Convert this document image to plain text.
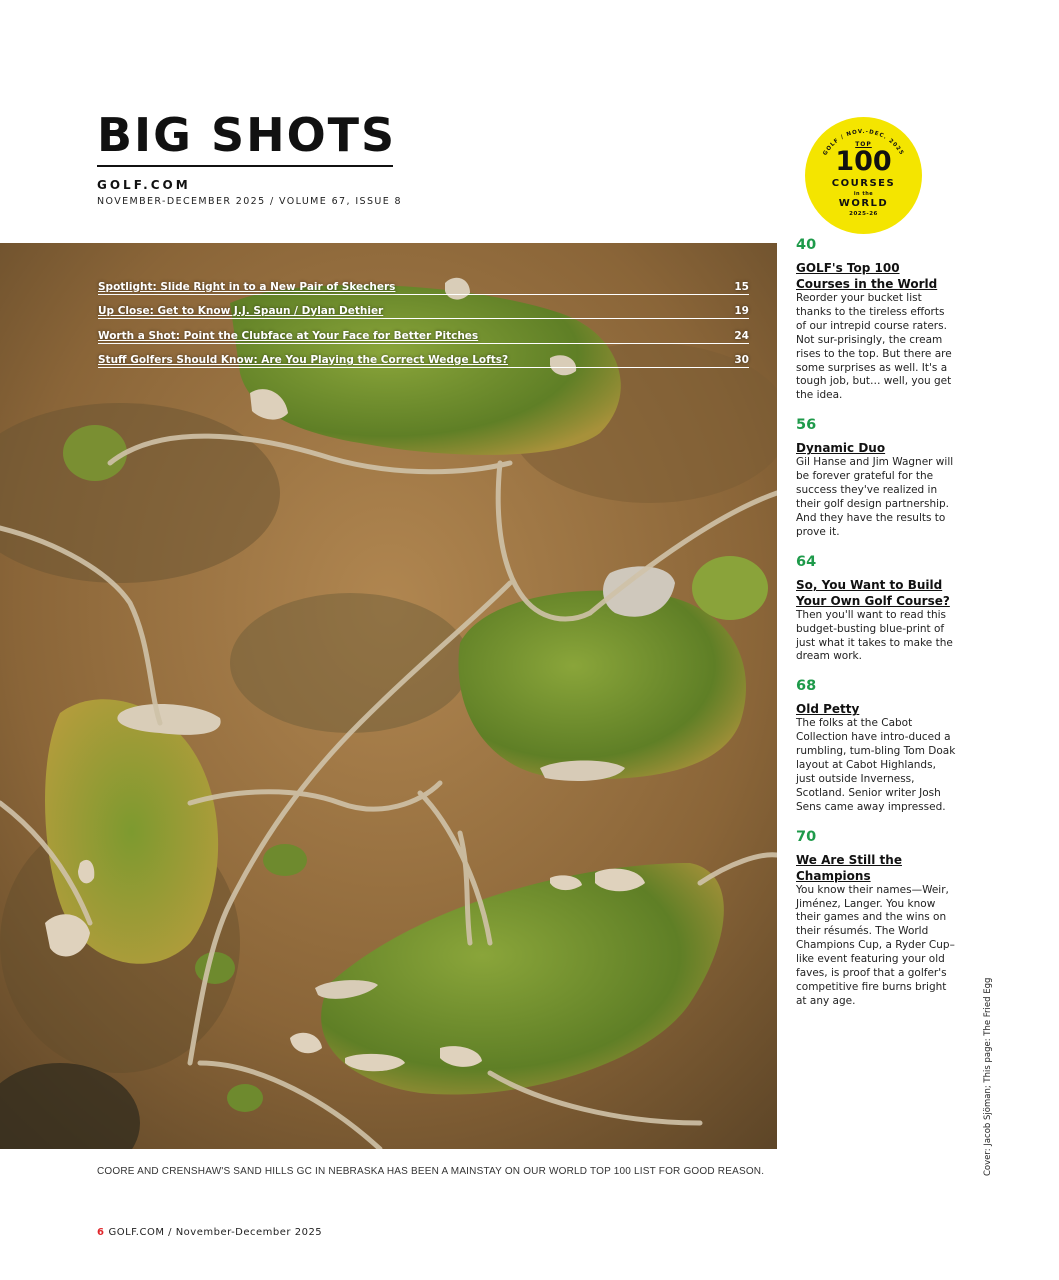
BIG SHOTS
GOLF.COM
NOVEMBER-DECEMBER 2025 / VOLUME 67, ISSUE 8
GOLF / NOV.-DEC. 2025
TOP
100
COURSES
in the
WORLD
2025-26
Spotlight: Slide Right in to a New Pair of Skechers	15
Up Close: Get to Know J.J. Spaun / Dylan Dethier	19
Worth a Shot: Point the Clubface at Your Face for Better Pitches	24
Stuff Golfers Should Know: Are You Playing the Correct Wedge Lofts?	30
40
GOLF's Top 100 Courses in the World
Reorder your bucket list thanks to the tireless efforts of our intrepid course raters. Not sur-prisingly, the cream rises to the top. But there are some surprises as well. It's a tough job, but… well, you get the idea.
56
Dynamic Duo
Gil Hanse and Jim Wagner will be forever grateful for the success they've realized in their golf design partnership. And they have the results to prove it.
64
So, You Want to Build Your Own Golf Course?
Then you'll want to read this budget-busting blue-print of just what it takes to make the dream work.
68
Old Petty
The folks at the Cabot Collection have intro-duced a rumbling, tum-bling Tom Doak layout at Cabot Highlands, just outside Inverness, Scotland. Senior writer Josh Sens came away impressed.
70
We Are Still the Champions
You know their names—Weir, Jiménez, Langer. You know their games and the wins on their résumés. The World Champions Cup, a Ryder Cup–like event featuring your old faves, is proof that a golfer's competitive fire burns bright at any age.	Cover: Jacob Sjöman; This page: The Fried Egg
COORE AND CRENSHAW'S SAND HILLS GC IN NEBRASKA HAS BEEN A MAINSTAY ON OUR WORLD TOP 100 LIST FOR GOOD REASON.
6 GOLF.COM / November-December 2025
